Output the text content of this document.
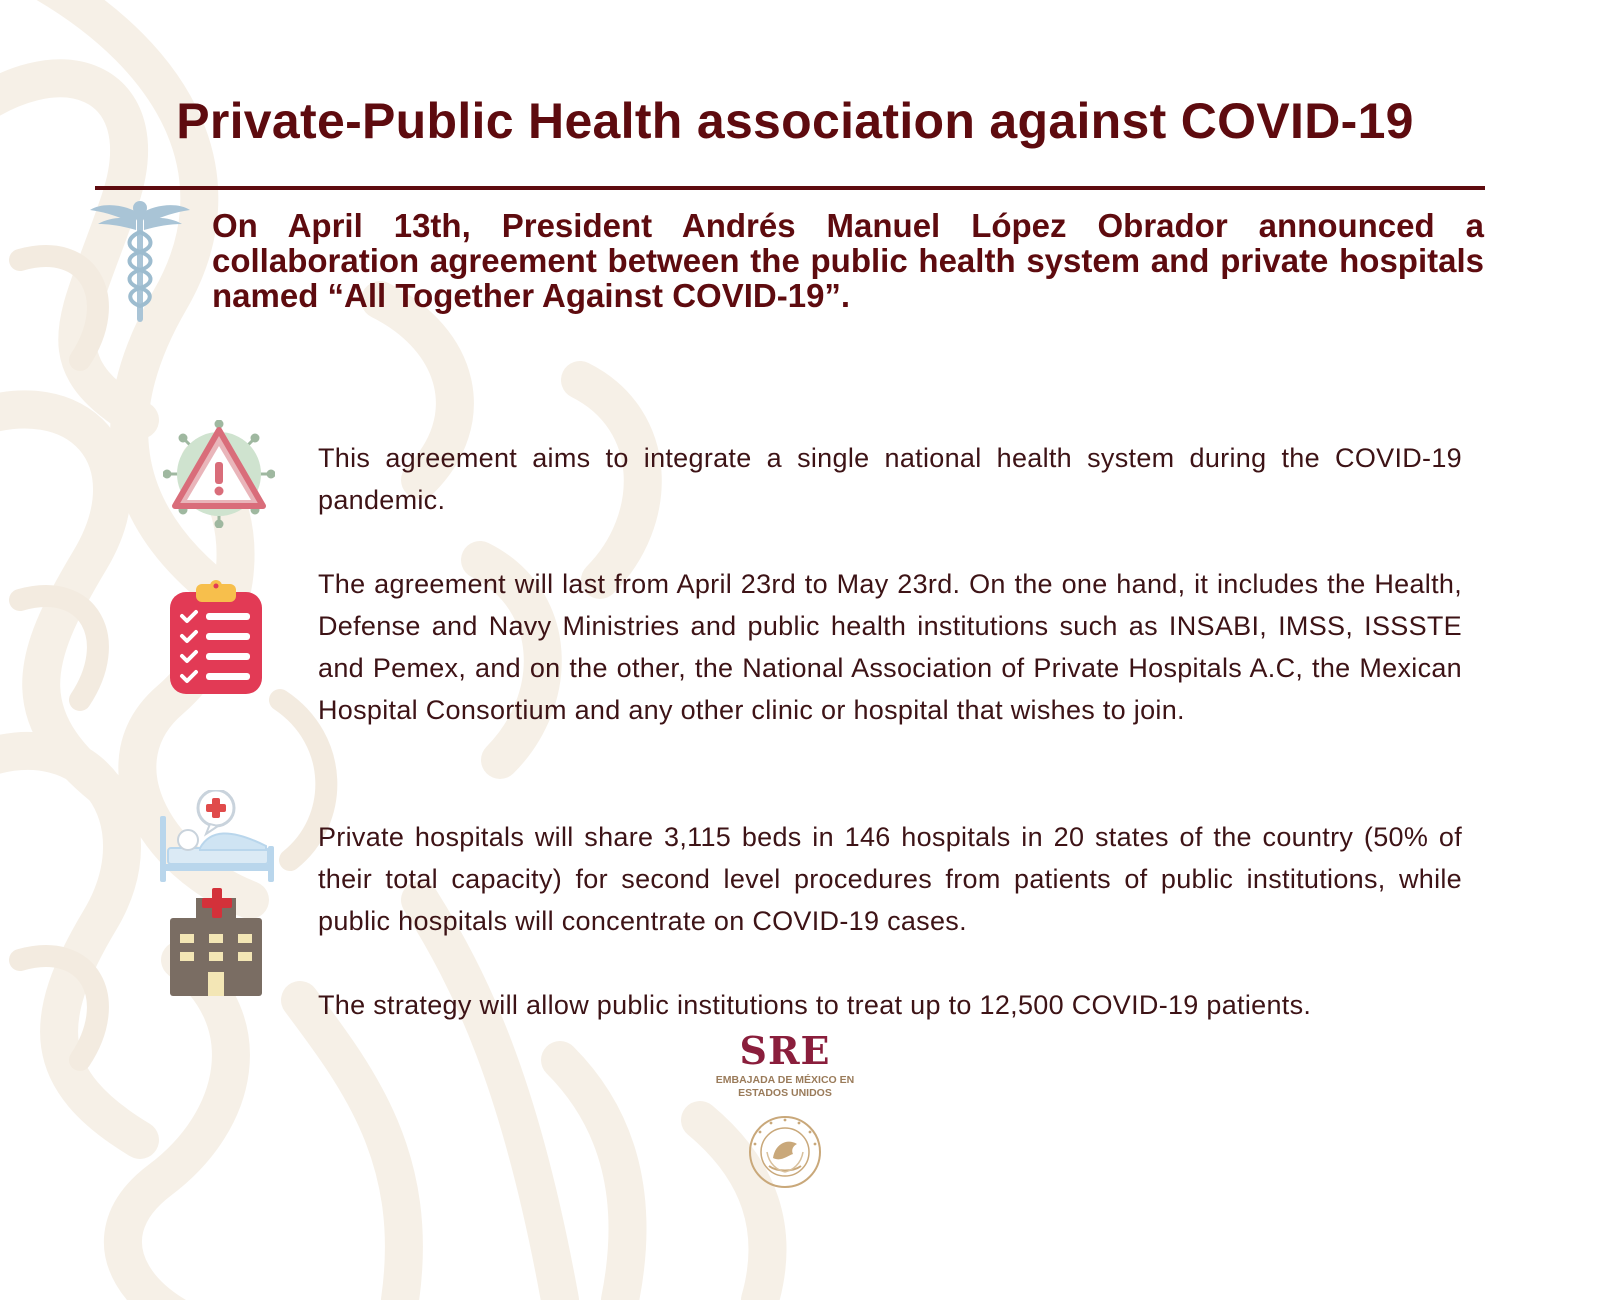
Private-Public Health association against COVID-19

On April 13th, President Andrés Manuel López Obrador announced a collaboration agreement between the public health system and private hospitals named “All Together Against COVID-19”.

This agreement aims to integrate a single national health system during the COVID-19 pandemic.

The agreement will last from April 23rd to May 23rd. On the one hand, it includes the Health, Defense and Navy Ministries and public health institutions such as INSABI, IMSS, ISSSTE and Pemex, and on the other, the National Association of Private Hospitals A.C, the Mexican Hospital Consortium and any other clinic or hospital that wishes to join.

Private hospitals will share 3,115 beds in 146 hospitals in 20 states of the country (50% of their total capacity) for second level procedures from patients of public institutions, while public hospitals will concentrate on COVID-19 cases.

The strategy will allow public institutions to treat up to 12,500 COVID-19 patients.

SRE
EMBAJADA DE MÉXICO EN
ESTADOS UNIDOS
